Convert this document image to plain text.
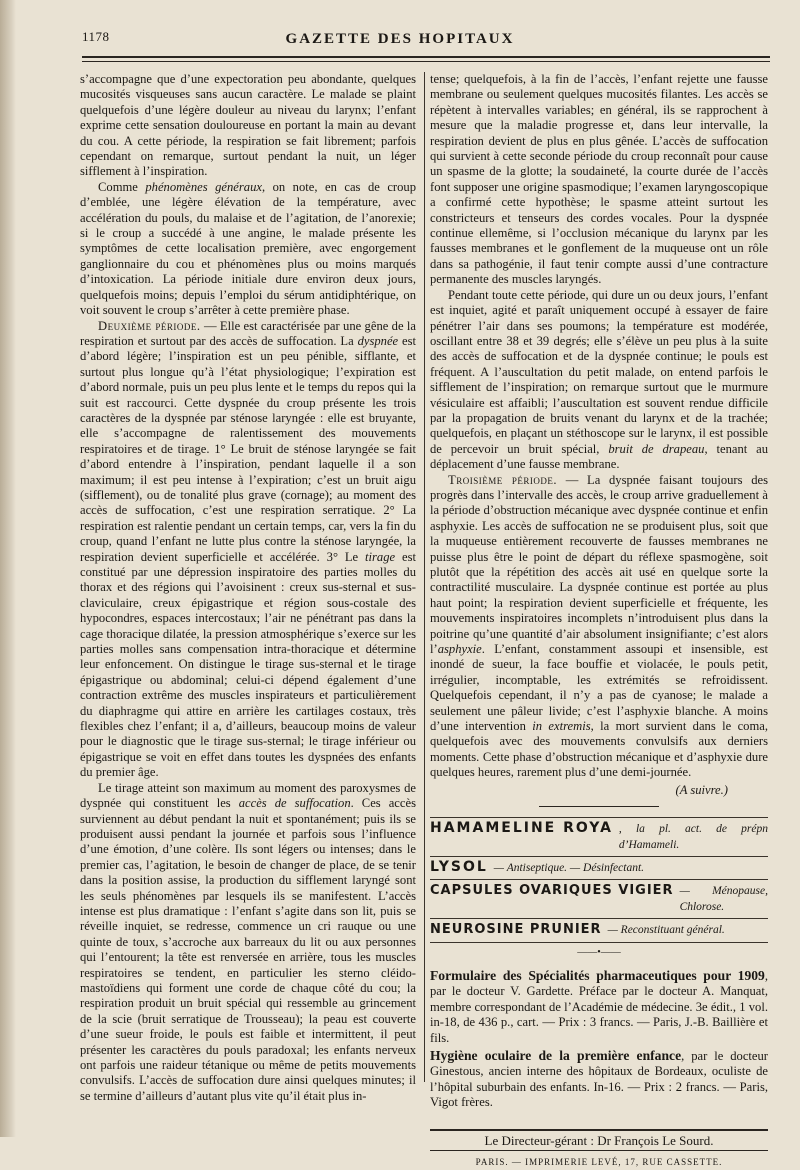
1178	GAZETTE DES HOPITAUX

s’accompagne que d’une expectoration peu abondante, quelques mucosités visqueuses sans aucun caractère. Le malade se plaint quelquefois d’une légère douleur au niveau du larynx; l’enfant exprime cette sensation douloureuse en portant la main au devant du cou. A cette période, la respiration se fait librement; parfois cependant on remarque, surtout pendant la nuit, un léger sifflement à l’inspiration.

Comme phénomènes généraux, on note, en cas de croup d’emblée, une légère élévation de la température, avec accélération du pouls, du malaise et de l’agitation, de l’anorexie; si le croup a succédé à une angine, le malade présente les symptômes de cette localisation première, avec engorgement ganglionnaire du cou et phénomènes plus ou moins marqués d’intoxication. La période initiale dure environ deux jours, quelquefois moins; depuis l’emploi du sérum antidiphtérique, on voit souvent le croup s’arrêter à cette première phase.

Deuxième période. — Elle est caractérisée par une gêne de la respiration et surtout par des accès de suffocation. La dyspnée est d’abord légère; l’inspiration est un peu pénible, sifflante, et surtout plus longue qu’à l’état physiologique; l’expiration est d’abord normale, puis un peu plus lente et le temps du repos qui la suit est raccourci. Cette dyspnée du croup présente les trois caractères de la dyspnée par sténose laryngée : elle est bruyante, elle s’accompagne de ralentissement des mouvements respiratoires et de tirage. 1° Le bruit de sténose laryngée se fait d’abord entendre à l’inspiration, pendant laquelle il a son maximum; il est peu intense à l’expiration; c’est un bruit aigu (sifflement), ou de tonalité plus grave (cornage); au moment des accès de suffocation, c’est une respiration serratique. 2° La respiration est ralentie pendant un certain temps, car, vers la fin du croup, quand l’enfant ne lutte plus contre la sténose laryngée, la respiration devient superficielle et accélérée. 3° Le tirage est constitué par une dépression inspiratoire des parties molles du thorax et des régions qui l’avoisinent : creux sus-sternal et sus-claviculaire, creux épigastrique et région sous-costale des hypocondres, espaces intercostaux; l’air ne pénétrant pas dans la cage thoracique dilatée, la pression atmosphérique s’exerce sur les parties molles sans compensation intra-thoracique et détermine leur enfoncement. On distingue le tirage sus-sternal et le tirage épigastrique ou abdominal; celui-ci dépend également d’une contraction extrême des muscles inspirateurs et particulièrement du diaphragme qui attire en arrière les cartilages costaux, très flexibles chez l’enfant; il a, d’ailleurs, beaucoup moins de valeur pour le diagnostic que le tirage sus-sternal; le tirage inférieur ou épigastrique se voit en effet dans toutes les dyspnées des enfants du premier âge.

Le tirage atteint son maximum au moment des paroxysmes de dyspnée qui constituent les accès de suffocation. Ces accès surviennent au début pendant la nuit et spontanément; puis ils se produisent aussi pendant la journée et parfois sous l’influence d’une émotion, d’une colère. Ils sont légers ou intenses; dans le premier cas, l’agitation, le besoin de changer de place, de se tenir dans la position assise, la production du sifflement laryngé sont les seuls phénomènes par lesquels ils se manifestent. L’accès intense est plus dramatique : l’enfant s’agite dans son lit, puis se réveille inquiet, se redresse, commence un cri rauque ou une quinte de toux, s’accroche aux barreaux du lit ou aux personnes qui l’entourent; la tête est renversée en arrière, tous les muscles respiratoires se tendent, en particulier les sterno cléido-mastoïdiens qui forment une corde de chaque côté du cou; la respiration produit un bruit spécial qui ressemble au grincement de la scie (bruit serratique de Trousseau); la peau est couverte d’une sueur froide, le pouls est faible et intermittent, il peut présenter les caractères du pouls paradoxal; les enfants nerveux ont parfois une raideur tétanique ou même de petits mouvements convulsifs. L’accès de suffocation dure ainsi quelques minutes; il se termine d’ailleurs d’autant plus vite qu’il était plus in-

tense; quelquefois, à la fin de l’accès, l’enfant rejette une fausse membrane ou seulement quelques mucosités filantes. Les accès se répètent à intervalles variables; en général, ils se rapprochent à mesure que la maladie progresse et, dans leur intervalle, la respiration devient de plus en plus gênée. L’accès de suffocation qui survient à cette seconde période du croup reconnaît pour cause un spasme de la glotte; la soudaineté, la courte durée de l’accès font supposer une origine spasmodique; l’examen laryngoscopique a confirmé cette hypothèse; le spasme atteint surtout les constricteurs et tenseurs des cordes vocales. Pour la dyspnée continue ellemême, si l’occlusion mécanique du larynx par les fausses membranes et le gonflement de la muqueuse ont un rôle dans sa pathogénie, il faut tenir compte aussi d’une contracture permanente des muscles laryngés.

Pendant toute cette période, qui dure un ou deux jours, l’enfant est inquiet, agité et paraît uniquement occupé à essayer de faire pénétrer l’air dans ses poumons; la température est modérée, oscillant entre 38 et 39 degrés; elle s’élève un peu plus à la suite des accès de suffocation et de la dyspnée continue; le pouls est fréquent. A l’auscultation du petit malade, on entend parfois le sifflement de l’inspiration; on remarque surtout que le murmure vésiculaire est affaibli; l’auscultation est souvent rendue difficile par la propagation de bruits venant du larynx et de la trachée; quelquefois, en plaçant un stéthoscope sur le larynx, il est possible de percevoir un bruit spécial, bruit de drapeau, tenant au déplacement d’une fausse membrane.

Troisième période. — La dyspnée faisant toujours des progrès dans l’intervalle des accès, le croup arrive graduellement à la période d’obstruction mécanique avec dyspnée continue et enfin asphyxie. Les accès de suffocation ne se produisent plus, soit que la muqueuse entièrement recouverte de fausses membranes ne puisse plus être le point de départ du réflexe spasmogène, soit plutôt que la répétition des accès ait usé en quelque sorte la contractilité musculaire. La dyspnée continue est portée au plus haut point; la respiration devient superficielle et fréquente, les mouvements inspiratoires incomplets n’introduisent plus dans la poitrine qu’une quantité d’air absolument insignifiante; c’est alors l’asphyxie. L’enfant, constamment assoupi et insensible, est inondé de sueur, la face bouffie et violacée, le pouls petit, irrégulier, incomptable, les extrémités se refroidissent. Quelquefois cependant, il n’y a pas de cyanose; le malade a seulement une pâleur livide; c’est l’asphyxie blanche. A moins d’une intervention in extremis, la mort survient dans le coma, quelquefois avec des mouvements convulsifs aux derniers moments. Cette phase d’obstruction mécanique et d’asphyxie dure quelques heures, rarement plus d’une demi-journée.

(A suivre.)
HAMAMELINE ROYA , la pl. act. de prépn d’Hamameli.
LYSOL — Antiseptique. — Désinfectant.
CAPSULES OVARIQUES VIGIER — Ménopause, Chlorose.
NEUROSINE PRUNIER — Reconstituant général.
——•——

Formulaire des Spécialités pharmaceutiques pour 1909, par le docteur V. Gardette. Préface par le docteur A. Manquat, membre correspondant de l’Académie de médecine. 3e édit., 1 vol. in-18, de 436 p., cart. — Prix : 3 francs. — Paris, J.-B. Baillière et fils.

Hygiène oculaire de la première enfance, par le docteur Ginestous, ancien interne des hôpitaux de Bordeaux, oculiste de l’hôpital suburbain des enfants. In-16. — Prix : 2 francs. — Paris, Vigot frères.

Le Directeur-gérant : Dr François Le Sourd.
PARIS. — IMPRIMERIE LEVÉ, 17, RUE CASSETTE.
